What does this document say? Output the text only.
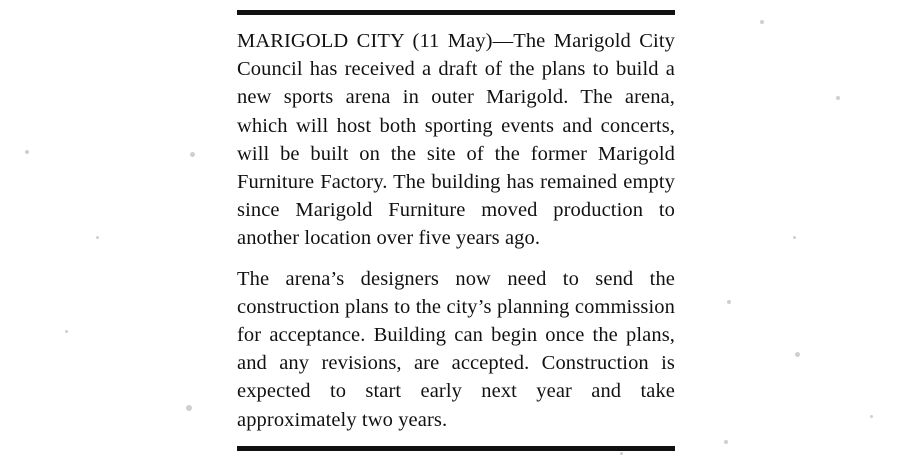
MARIGOLD CITY (11 May)—The Marigold City Council has received a draft of the plans to build a new sports arena in outer Marigold. The arena, which will host both sporting events and concerts, will be built on the site of the former Marigold Furniture Factory. The building has remained empty since Marigold Furniture moved production to another location over five years ago.

The arena’s designers now need to send the construction plans to the city’s planning commission for acceptance. Building can begin once the plans, and any revisions, are accepted. Construction is expected to start early next year and take approximately two years.
